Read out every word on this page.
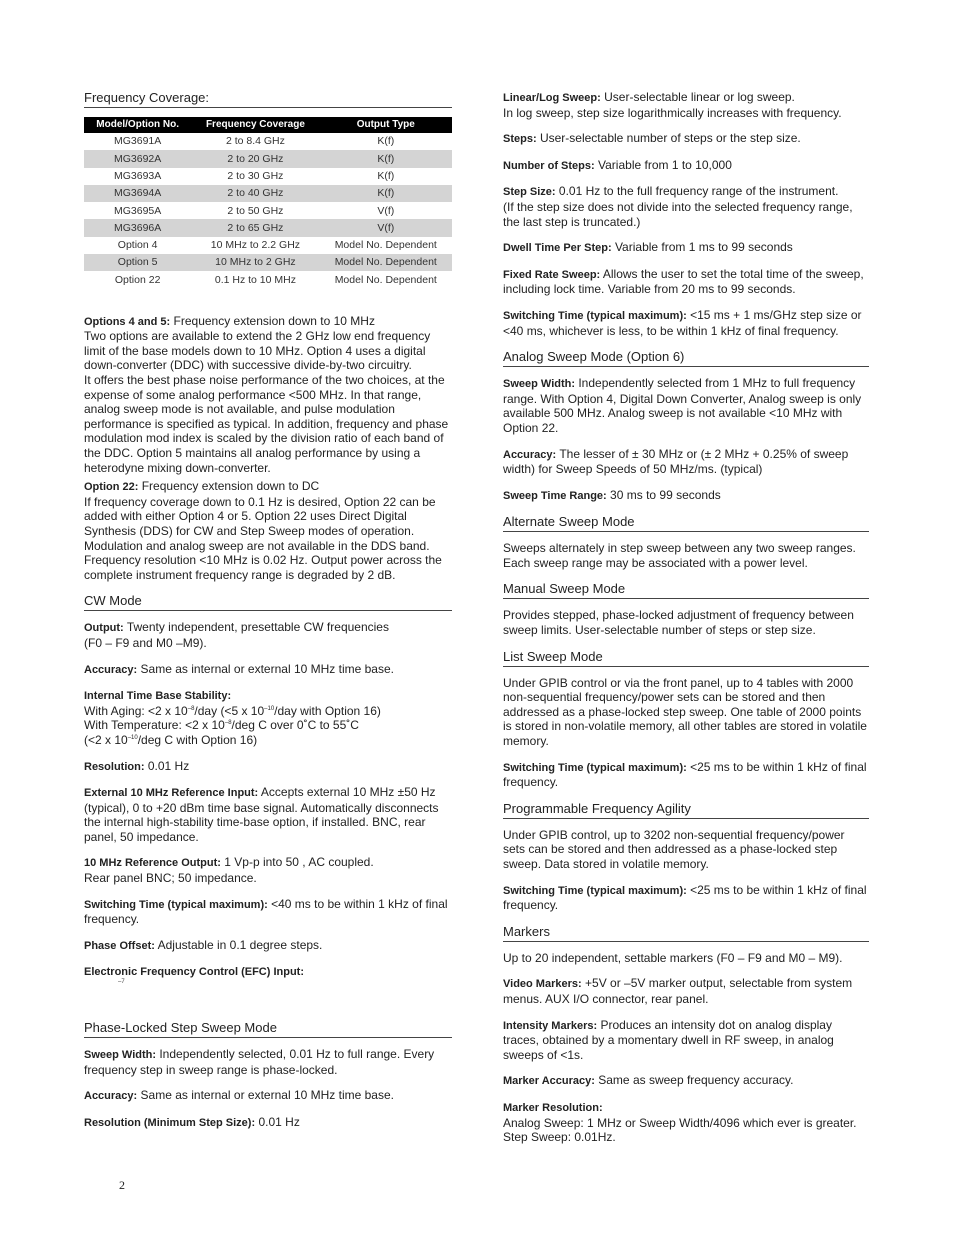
Frequency Coverage:
Model/Option No.	Frequency Coverage	Output Type
MG3691A	2 to 8.4 GHz	K(f)
MG3692A	2 to 20 GHz	K(f)
MG3693A	2 to 30 GHz	K(f)
MG3694A	2 to 40 GHz	K(f)
MG3695A	2 to 50 GHz	V(f)
MG3696A	2 to 65 GHz	V(f)
Option 4	10 MHz to 2.2 GHz	Model No. Dependent
Option 5	10 MHz to 2 GHz	Model No. Dependent
Option 22	0.1 Hz to 10 MHz	Model No. Dependent

Options 4 and 5: Frequency extension down to 10 MHz
Two options are available to extend the 2 GHz low end frequency limit of the base models down to 10 MHz. Option 4 uses a digital down-converter (DDC) with successive divide-by-two circuitry.
It offers the best phase noise performance of the two choices, at the expense of some analog performance <500 MHz. In that range, analog sweep mode is not available, and pulse modulation performance is specified as typical. In addition, frequency and phase modulation mod index is scaled by the division ratio of each band of the DDC. Option 5 maintains all analog performance by using a heterodyne mixing down-converter.

Option 22: Frequency extension down to DC
If frequency coverage down to 0.1 Hz is desired, Option 22 can be added with either Option 4 or 5. Option 22 uses Direct Digital Synthesis (DDS) for CW and Step Sweep modes of operation. Modulation and analog sweep are not available in the DDS band. Frequency resolution <10 MHz is 0.02 Hz. Output power across the complete instrument frequency range is degraded by 2 dB.

CW Mode

Output: Twenty independent, presettable CW frequencies
(F0 – F9 and M0 –M9).

Accuracy: Same as internal or external 10 MHz time base.

Internal Time Base Stability:
With Aging: <2 x $10^{-8}$/day (<5 x $10^{-10}$/day with Option 16)
With Temperature: <2 x $10^{-8}$/deg C over 0˚C to 55˚C
(<2 x $10^{-10}$/deg C with Option 16)

Resolution: 0.01 Hz

External 10 MHz Reference Input: Accepts external 10 MHz ±50 Hz (typical), 0 to +20 dBm time base signal. Automatically disconnects the internal high-stability time-base option, if installed. BNC, rear panel, 50 impedance.

10 MHz Reference Output: 1 Vp-p into 50 , AC coupled.
Rear panel BNC; 50 impedance.

Switching Time (typical maximum): <40 ms to be within 1 kHz of final frequency.

Phase Offset: Adjustable in 0.1 degree steps.

Electronic Frequency Control (EFC) Input:

–7
Phase-Locked Step Sweep Mode

Sweep Width: Independently selected, 0.01 Hz to full range. Every frequency step in sweep range is phase-locked.

Accuracy: Same as internal or external 10 MHz time base.

Resolution (Minimum Step Size): 0.01 Hz

Linear/Log Sweep: User-selectable linear or log sweep.
In log sweep, step size logarithmically increases with frequency.

Steps: User-selectable number of steps or the step size.

Number of Steps: Variable from 1 to 10,000

Step Size: 0.01 Hz to the full frequency range of the instrument.
(If the step size does not divide into the selected frequency range, the last step is truncated.)

Dwell Time Per Step: Variable from 1 ms to 99 seconds

Fixed Rate Sweep: Allows the user to set the total time of the sweep, including lock time. Variable from 20 ms to 99 seconds.

Switching Time (typical maximum): <15 ms + 1 ms/GHz step size or <40 ms, whichever is less, to be within 1 kHz of final frequency.

Analog Sweep Mode (Option 6)

Sweep Width: Independently selected from 1 MHz to full frequency range. With Option 4, Digital Down Converter, Analog sweep is only available 500 MHz. Analog sweep is not available <10 MHz with Option 22.

Accuracy: The lesser of ± 30 MHz or (± 2 MHz + 0.25% of sweep width) for Sweep Speeds of 50 MHz/ms. (typical)

Sweep Time Range: 30 ms to 99 seconds

Alternate Sweep Mode

Sweeps alternately in step sweep between any two sweep ranges. Each sweep range may be associated with a power level.

Manual Sweep Mode

Provides stepped, phase-locked adjustment of frequency between sweep limits. User-selectable number of steps or step size.

List Sweep Mode

Under GPIB control or via the front panel, up to 4 tables with 2000 non-sequential frequency/power sets can be stored and then addressed as a phase-locked step sweep. One table of 2000 points is stored in non-volatile memory, all other tables are stored in volatile memory.

Switching Time (typical maximum): <25 ms to be within 1 kHz of final frequency.

Programmable Frequency Agility

Under GPIB control, up to 3202 non-sequential frequency/power sets can be stored and then addressed as a phase-locked step sweep. Data stored in volatile memory.

Switching Time (typical maximum): <25 ms to be within 1 kHz of final frequency.

Markers

Up to 20 independent, settable markers (F0 – F9 and M0 – M9).

Video Markers: +5V or –5V marker output, selectable from system menus. AUX I/O connector, rear panel.

Intensity Markers: Produces an intensity dot on analog display traces, obtained by a momentary dwell in RF sweep, in analog sweeps of <1s.

Marker Accuracy: Same as sweep frequency accuracy.

Marker Resolution:
Analog Sweep: 1 MHz or Sweep Width/4096 which ever is greater.
Step Sweep: 0.01Hz.

2
